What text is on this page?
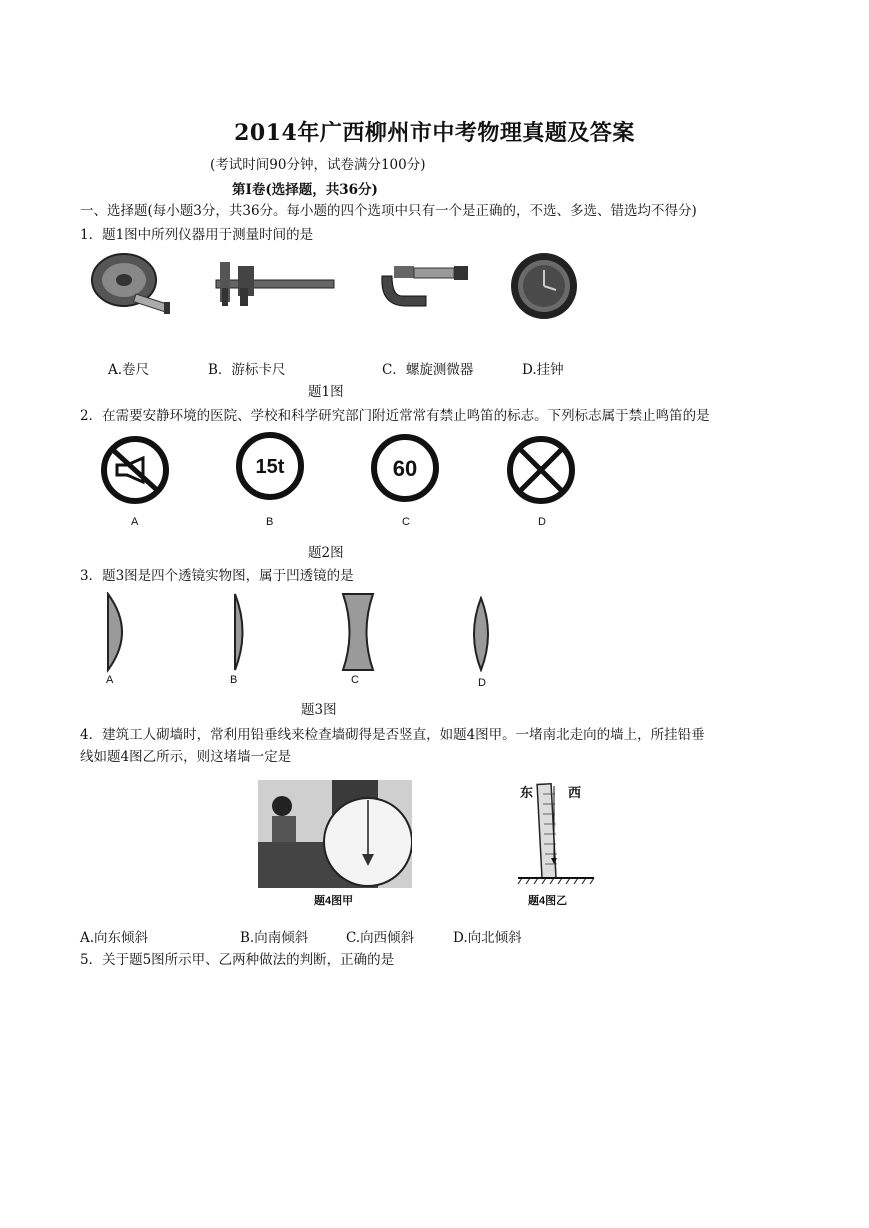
2014年广西柳州市中考物理真题及答案
(考试时间90分钟，试卷满分100分)
第Ⅰ卷(选择题，共36分)
一、选择题(每小题3分，共36分。每小题的四个选项中只有一个是正确的，不选、多选、错选均不得分)
1．题1图中所列仪器用于测量时间的是
A.卷尺	B．游标卡尺	C．螺旋测微器	D.挂钟
题1图
2．在需要安静环境的医院、学校和科学研究部门附近常常有禁止鸣笛的标志。下列标志属于禁止鸣笛的是
15t	60
A	B	C	D
题2图
3．题3图是四个透镜实物图，属于凹透镜的是
A	B	C	D
题3图
4．建筑工人砌墙时，常利用铅垂线来检查墙砌得是否竖直，如题4图甲。一堵南北走向的墙上，所挂铅垂
线如题4图乙所示，则这堵墙一定是
题4图甲
东	西
题4图乙
A.向东倾斜	B.向南倾斜	C.向西倾斜	D.向北倾斜
5．关于题5图所示甲、乙两种做法的判断，正确的是
